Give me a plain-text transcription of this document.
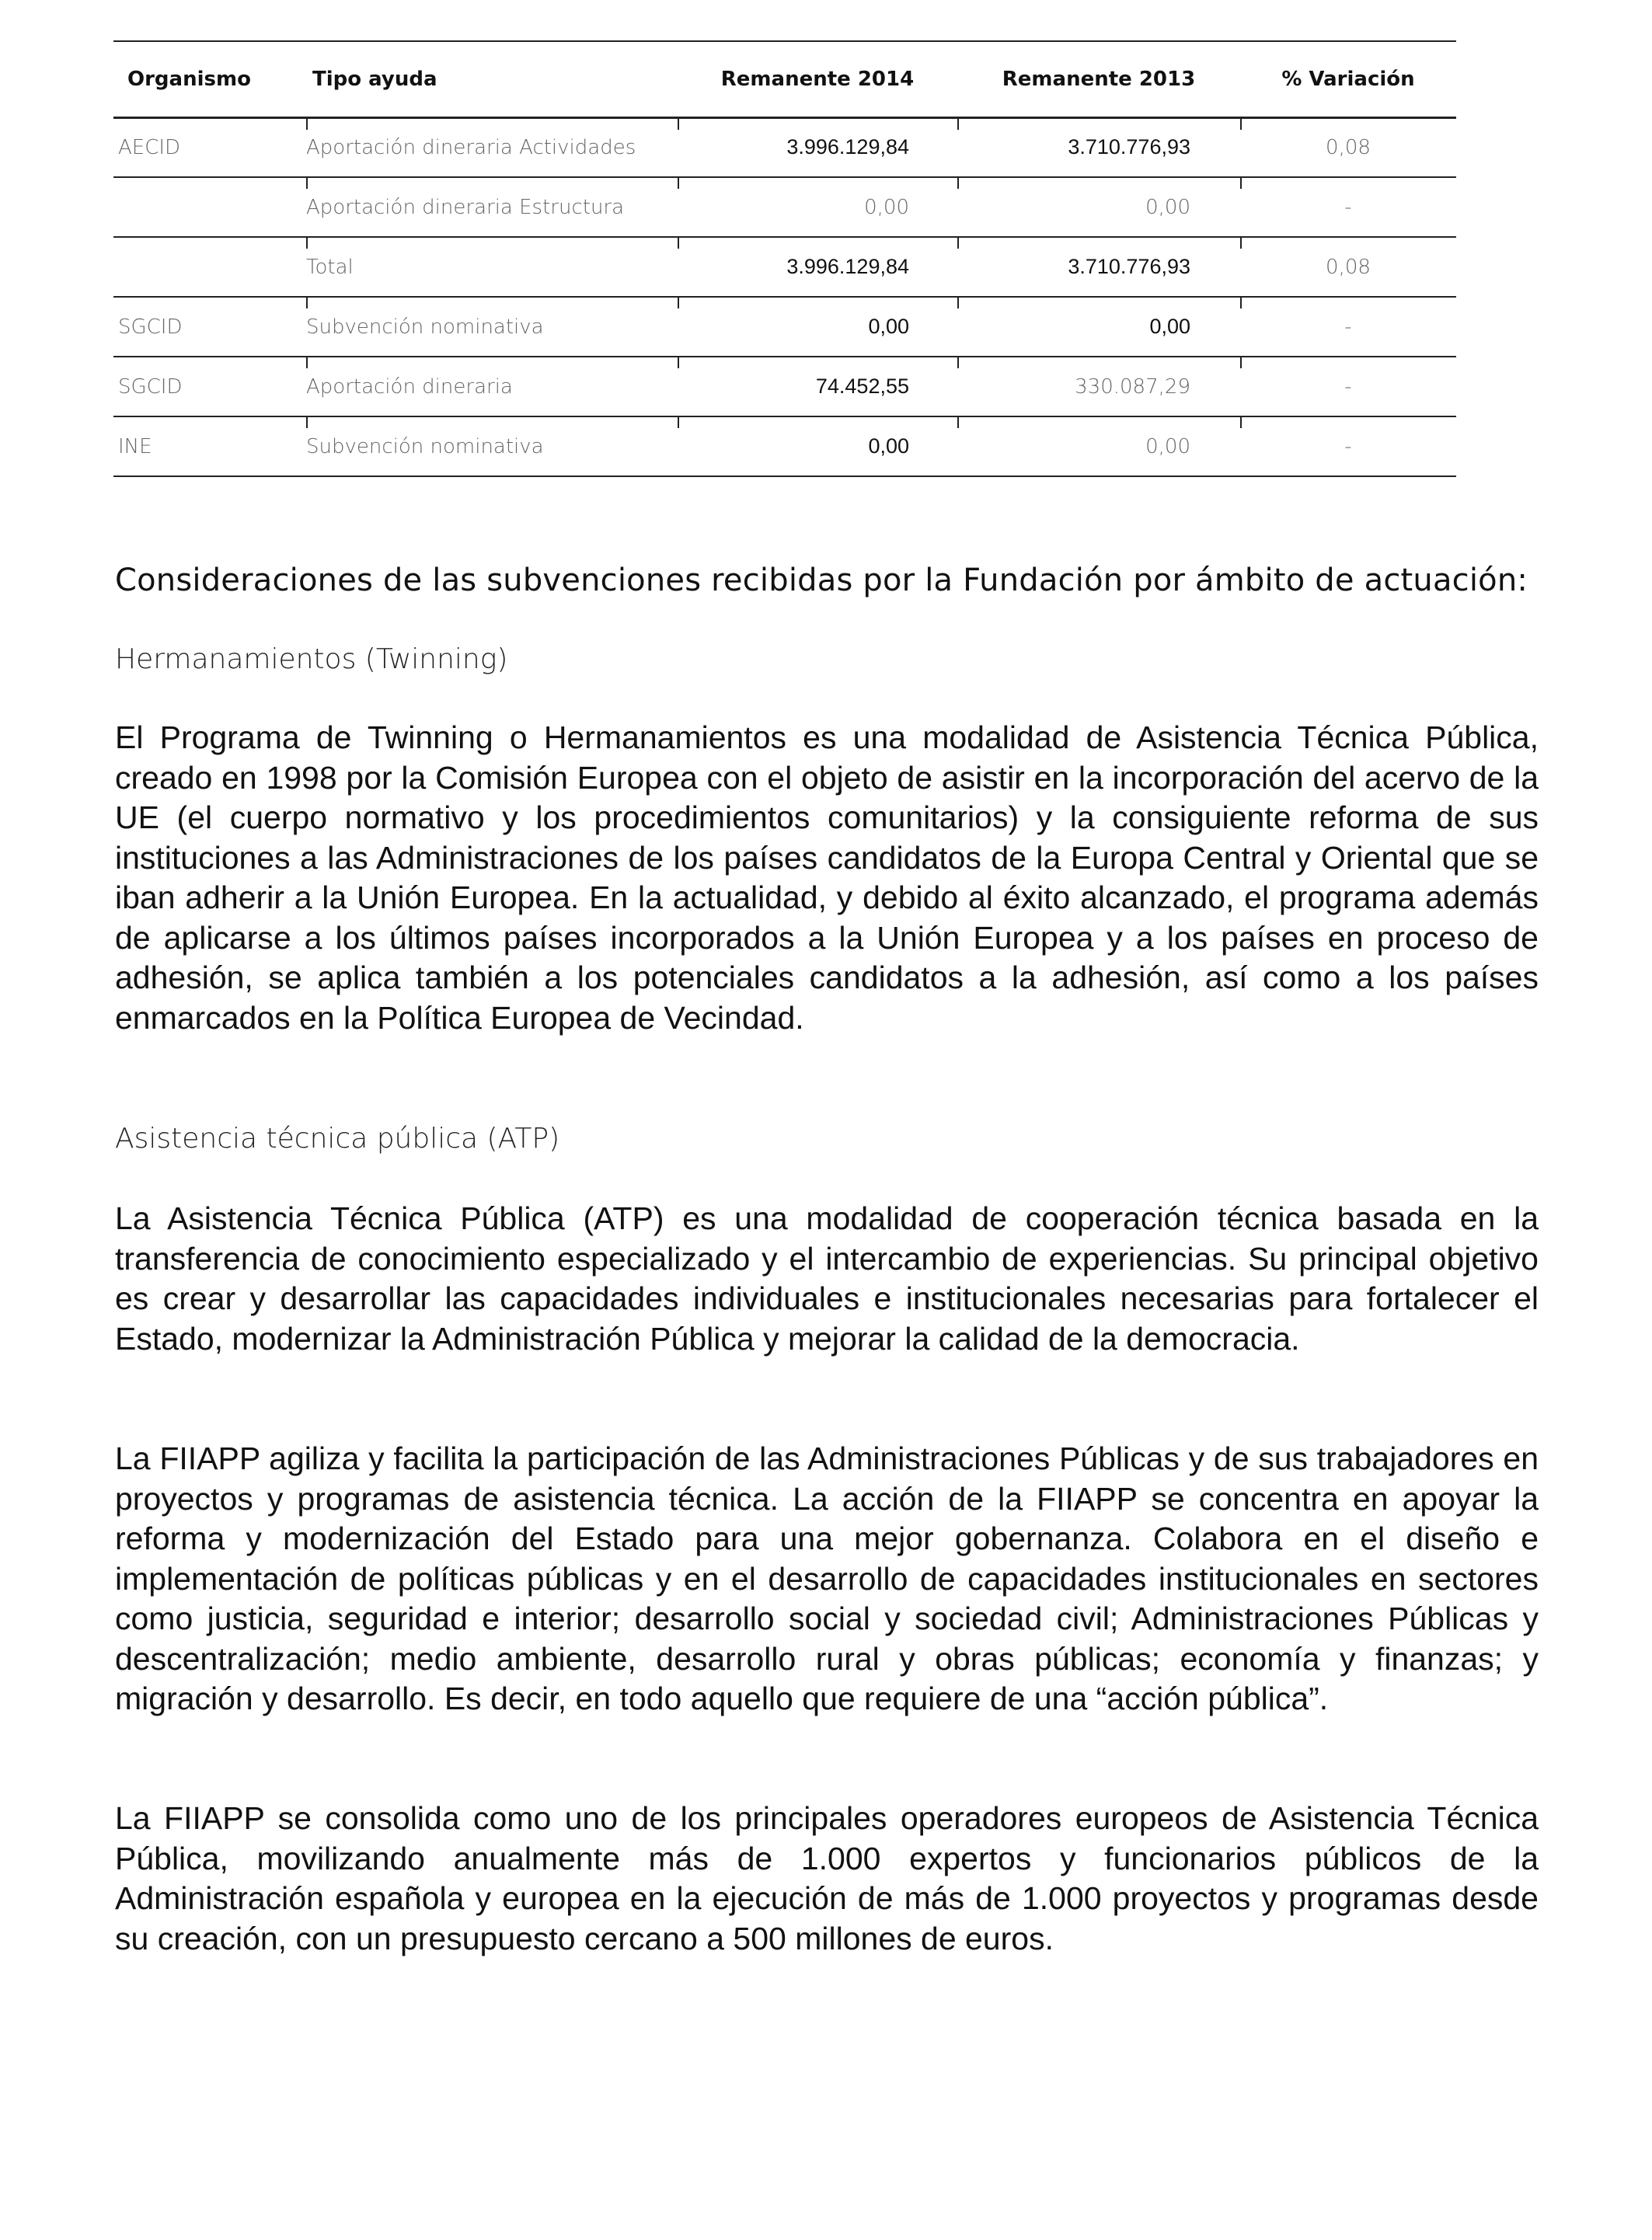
Organismo	Tipo ayuda	Remanente 2014	Remanente 2013	% Variación
AECID	Aportación dineraria Actividades	3.996.129,84	3.710.776,93	0,08
	Aportación dineraria Estructura	0,00	0,00	-
	Total	3.996.129,84	3.710.776,93	0,08
SGCID	Subvención nominativa	0,00	0,00	-
SGCID	Aportación dineraria	74.452,55	330.087,29	-
INE	Subvención nominativa	0,00	0,00	-
Consideraciones de las subvenciones recibidas por la Fundación por ámbito de actuación:
Hermanamientos (Twinning)

El Programa de Twinning o Hermanamientos es una modalidad de Asistencia Técnica Pública, creado en 1998 por la Comisión Europea con el objeto de asistir en la incorporación del acervo de la UE (el cuerpo normativo y los procedimientos comunitarios) y la consiguiente reforma de sus instituciones a las Administraciones de los países candidatos de la Europa Central y Oriental que se iban adherir a la Unión Europea. En la actualidad, y debido al éxito alcanzado, el programa además de aplicarse a los últimos países incorporados a la Unión Europea y a los países en proceso de adhesión, se aplica también a los potenciales candidatos a la adhesión, así como a los países enmarcados en la Política Europea de Vecindad.

Asistencia técnica pública (ATP)

La Asistencia Técnica Pública (ATP) es una modalidad de cooperación técnica basada en la transferencia de conocimiento especializado y el intercambio de experiencias. Su principal objetivo es crear y desarrollar las capacidades individuales e institucionales necesarias para fortalecer el Estado, modernizar la Administración Pública y mejorar la calidad de la democracia.

La FIIAPP agiliza y facilita la participación de las Administraciones Públicas y de sus trabajadores en proyectos y programas de asistencia técnica. La acción de la FIIAPP se concentra en apoyar la reforma y modernización del Estado para una mejor gobernanza. Colabora en el diseño e implementación de políticas públicas y en el desarrollo de capacidades institucionales en sectores como justicia, seguridad e interior; desarrollo social y sociedad civil; Administraciones Públicas y descentralización; medio ambiente, desarrollo rural y obras públicas; economía y finanzas; y migración y desarrollo. Es decir, en todo aquello que requiere de una “acción pública”.

La FIIAPP se consolida como uno de los principales operadores europeos de Asistencia Técnica Pública, movilizando anualmente más de 1.000 expertos y funcionarios públicos de la Administración española y europea en la ejecución de más de 1.000 proyectos y programas desde su creación, con un presupuesto cercano a 500 millones de euros.
